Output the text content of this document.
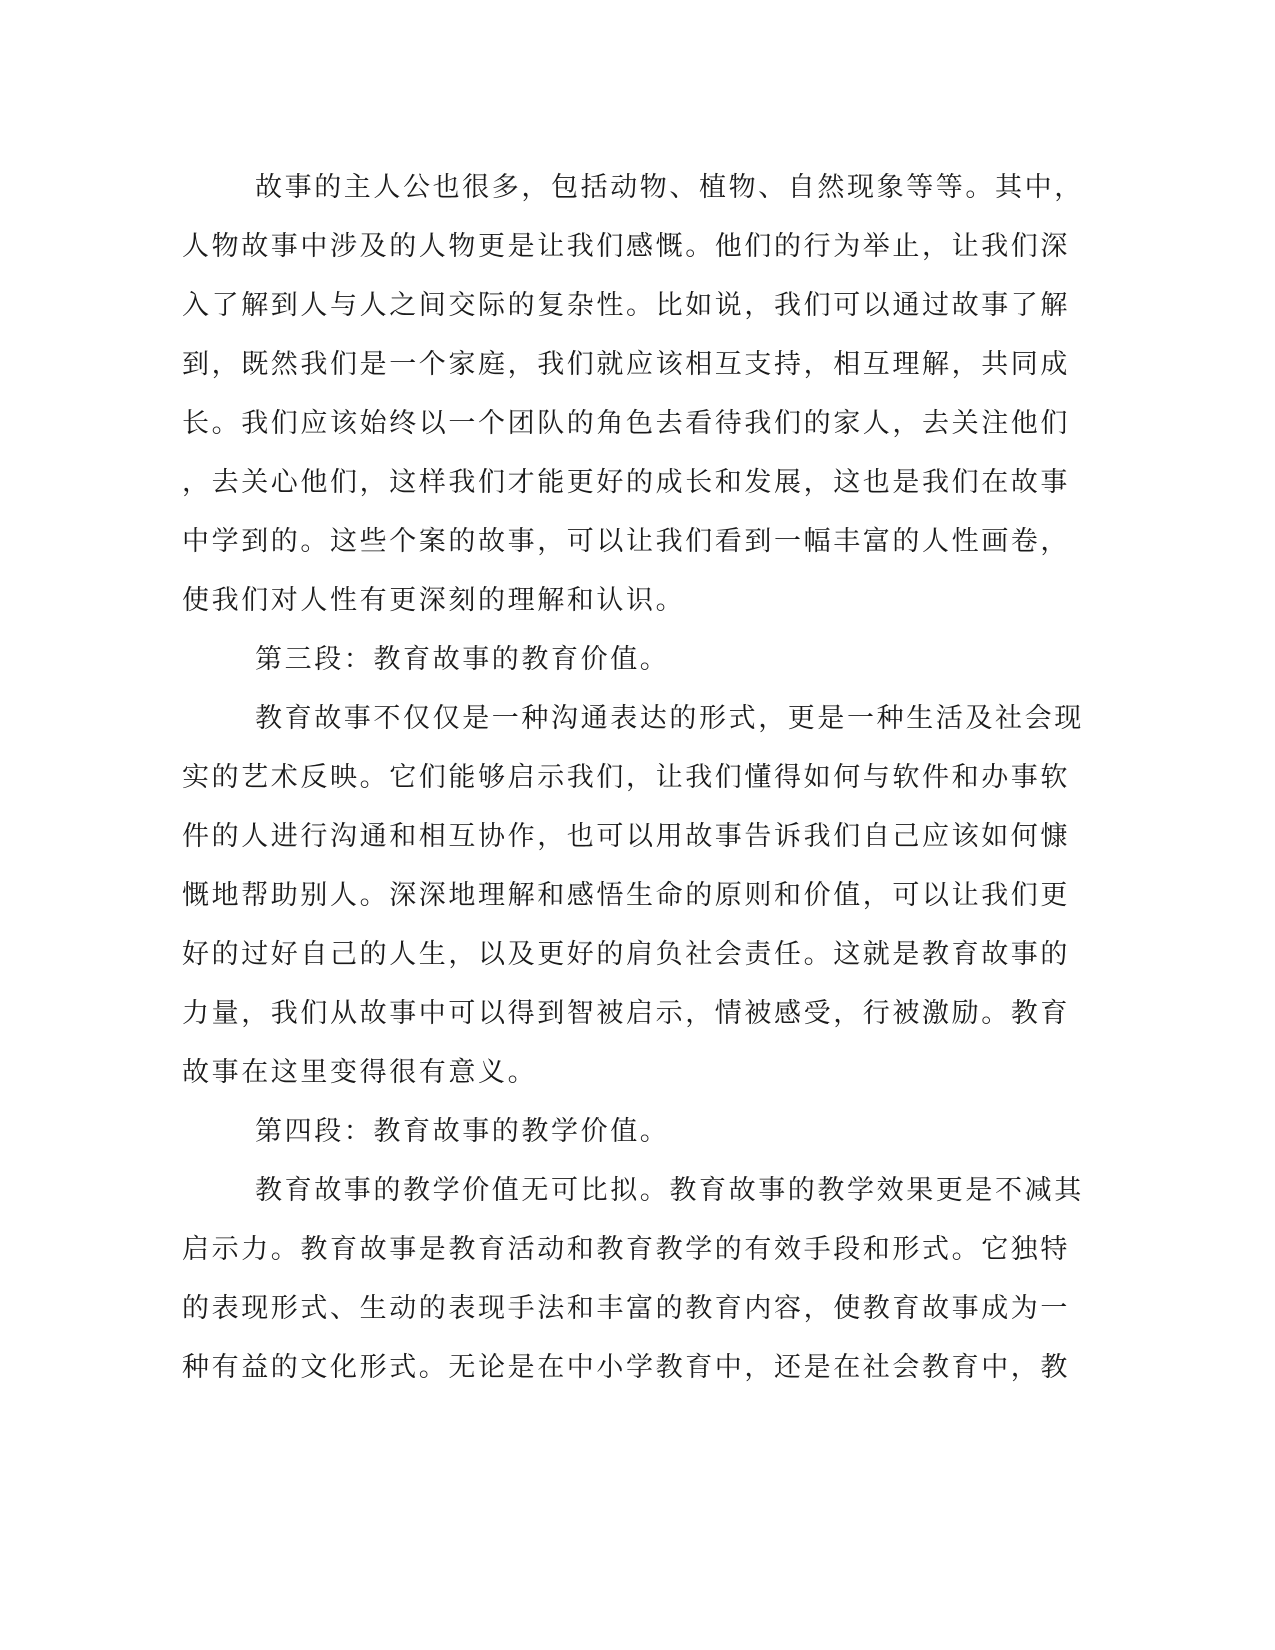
故事的主人公也很多，包括动物、植物、自然现象等等。其中，
人物故事中涉及的人物更是让我们感慨。他们的行为举止，让我们深
入了解到人与人之间交际的复杂性。比如说，我们可以通过故事了解
到，既然我们是一个家庭，我们就应该相互支持，相互理解，共同成
长。我们应该始终以一个团队的角色去看待我们的家人，去关注他们
，去关心他们，这样我们才能更好的成长和发展，这也是我们在故事
中学到的。这些个案的故事，可以让我们看到一幅丰富的人性画卷，
使我们对人性有更深刻的理解和认识。
第三段：教育故事的教育价值。
教育故事不仅仅是一种沟通表达的形式，更是一种生活及社会现
实的艺术反映。它们能够启示我们，让我们懂得如何与软件和办事软
件的人进行沟通和相互协作，也可以用故事告诉我们自己应该如何慷
慨地帮助别人。深深地理解和感悟生命的原则和价值，可以让我们更
好的过好自己的人生，以及更好的肩负社会责任。这就是教育故事的
力量，我们从故事中可以得到智被启示，情被感受，行被激励。教育
故事在这里变得很有意义。
第四段：教育故事的教学价值。
教育故事的教学价值无可比拟。教育故事的教学效果更是不减其
启示力。教育故事是教育活动和教育教学的有效手段和形式。它独特
的表现形式、生动的表现手法和丰富的教育内容，使教育故事成为一
种有益的文化形式。无论是在中小学教育中，还是在社会教育中，教
